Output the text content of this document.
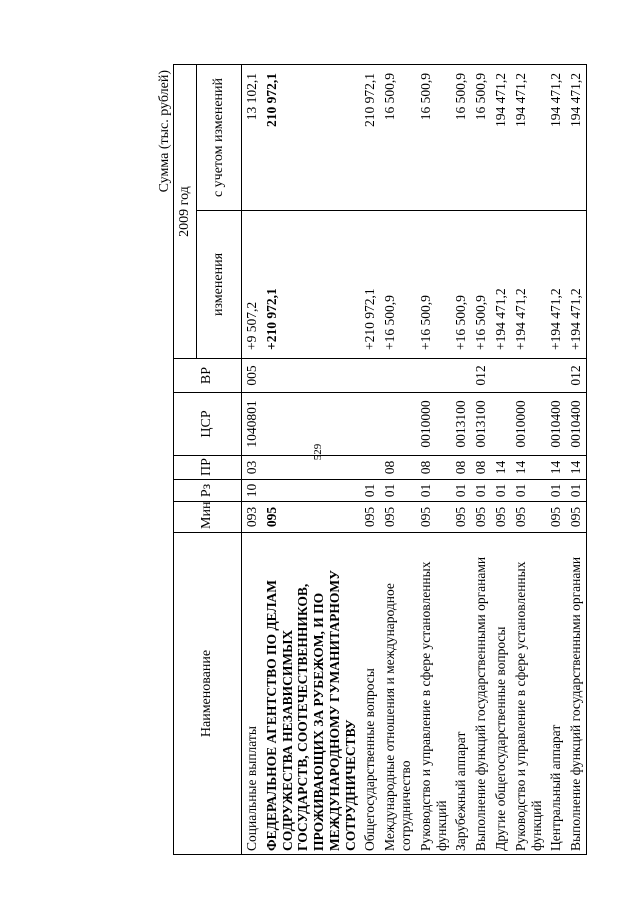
529
Сумма (тыс. рублей)
Наименование	Мин	Рз	ПР	ЦСР	ВР	2009 год	
						изменения	с учетом изменений

Социальные выплаты	093	10	03	1040801	005	+9 507,2	13 102,1
ФЕДЕРАЛЬНОЕ АГЕНТСТВО ПО ДЕЛАМ СОДРУЖЕСТВА НЕЗАВИСИМЫХ ГОСУДАРСТВ, СООТЕЧЕСТВЕННИКОВ, ПРОЖИВАЮЩИХ ЗА РУБЕЖОМ, И ПО МЕЖДУНАРОДНОМУ ГУМАНИТАРНОМУ СОТРУДНИЧЕСТВУ	095					+210 972,1	210 972,1
Общегосударственные вопросы	095	01				+210 972,1	210 972,1
Международные отношения и международное сотрудничество	095	01	08			+16 500,9	16 500,9
Руководство и управление в сфере установленных функций	095	01	08	0010000		+16 500,9	16 500,9
Зарубежный аппарат	095	01	08	0013100		+16 500,9	16 500,9
Выполнение функций государственными органами	095	01	08	0013100	012	+16 500,9	16 500,9
Другие общегосударственные вопросы	095	01	14			+194 471,2	194 471,2
Руководство и управление в сфере установленных функций	095	01	14	0010000		+194 471,2	194 471,2
Центральный аппарат	095	01	14	0010400		+194 471,2	194 471,2
Выполнение функций государственными органами	095	01	14	0010400	012	+194 471,2	194 471,2
